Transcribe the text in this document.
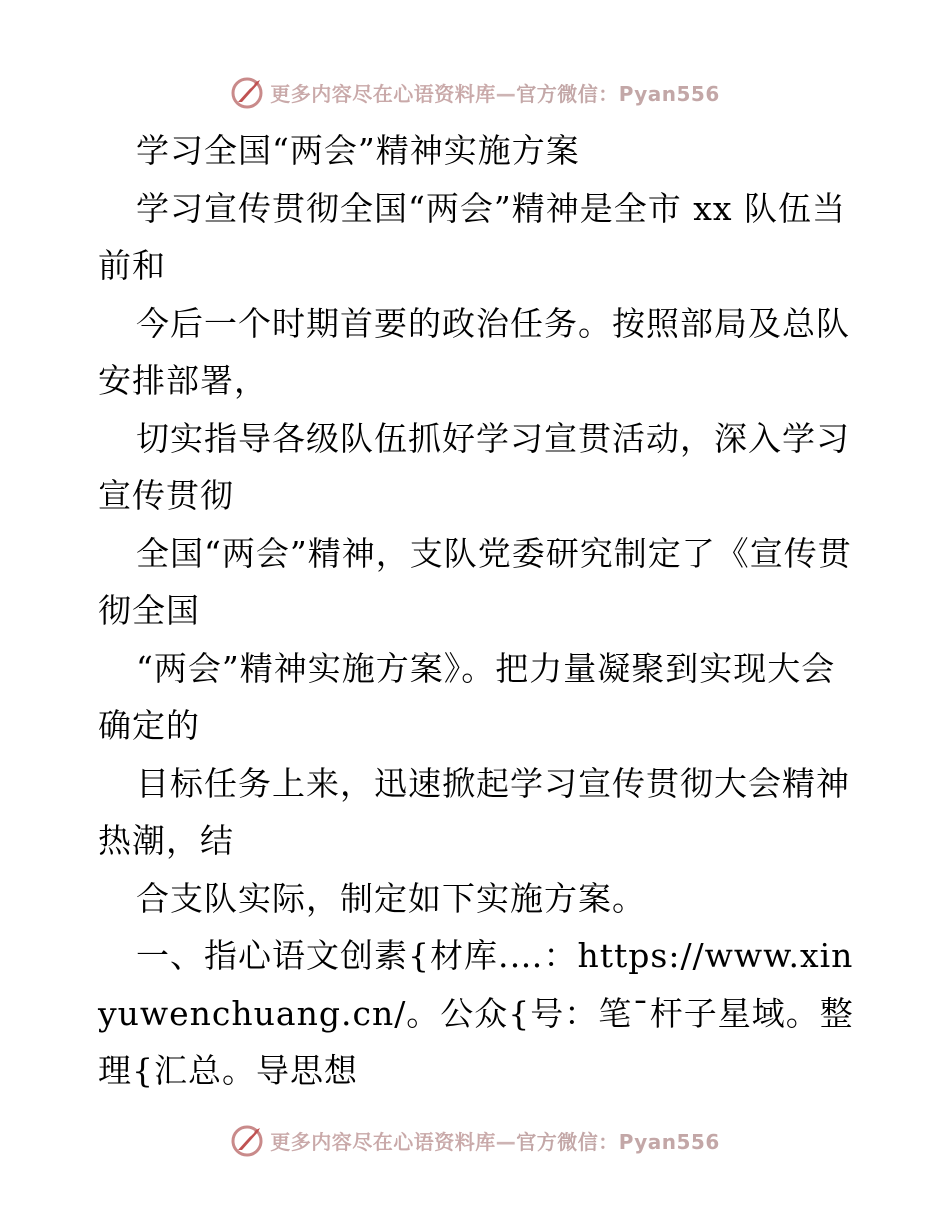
更多内容尽在心语资料库—官方微信：Pyan556

学习全国“两会”精神实施方案

学习宣传贯彻全国“两会”精神是全市 xx 队伍当前和

今后一个时期首要的政治任务。按照部局及总队安排部署，

切实指导各级队伍抓好学习宣贯活动，深入学习宣传贯彻

全国“两会”精神，支队党委研究制定了《宣传贯彻全国

“两会”精神实施方案》。把力量凝聚到实现大会确定的

目标任务上来，迅速掀起学习宣传贯彻大会精神热潮，结

合支队实际，制定如下实施方案。

一、指心语文创素{材库.…：https://www.xinyuwenchuang.cn/。公众{号：笔¯杆子星域。整理{汇总。导思想

更多内容尽在心语资料库—官方微信：Pyan556
